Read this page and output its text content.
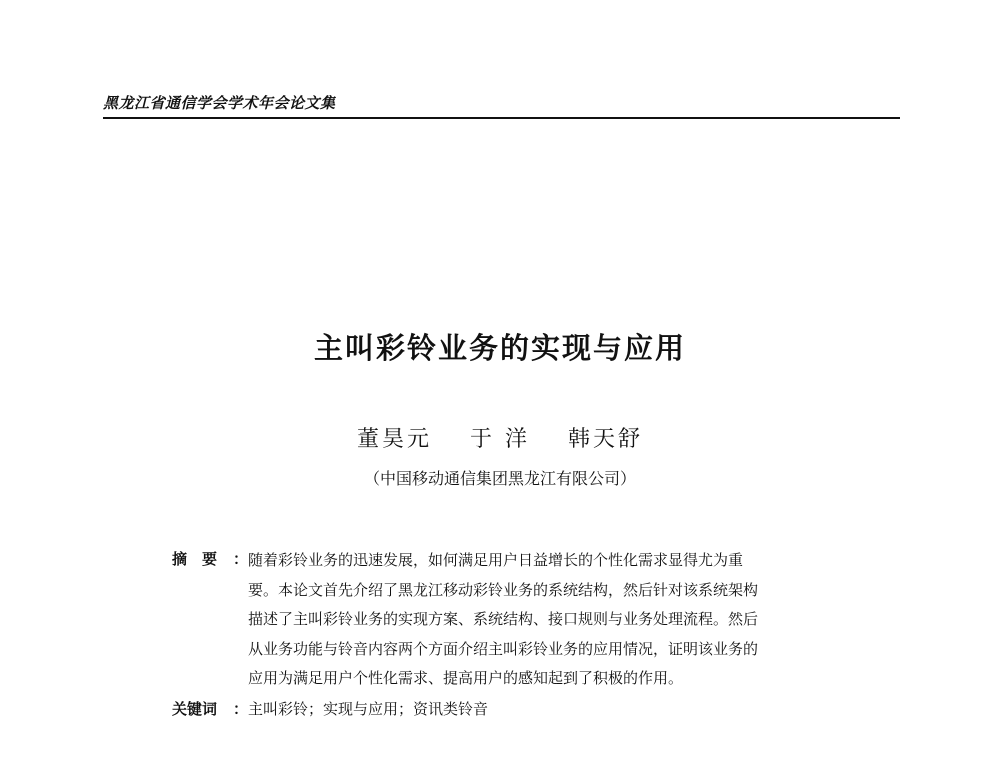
黑龙江省通信学会学术年会论文集
主叫彩铃业务的实现与应用
董昊元 于 洋 韩天舒
（中国移动通信集团黑龙江有限公司）
摘　要 ： 随着彩铃业务的迅速发展，如何满足用户日益增长的个性化需求显得尤为重
要。本论文首先介绍了黑龙江移动彩铃业务的系统结构，然后针对该系统架构
描述了主叫彩铃业务的实现方案、系统结构、接口规则与业务处理流程。然后
从业务功能与铃音内容两个方面介绍主叫彩铃业务的应用情况，证明该业务的
应用为满足用户个性化需求、提高用户的感知起到了积极的作用。
关键词 ： 主叫彩铃；实现与应用；资讯类铃音
